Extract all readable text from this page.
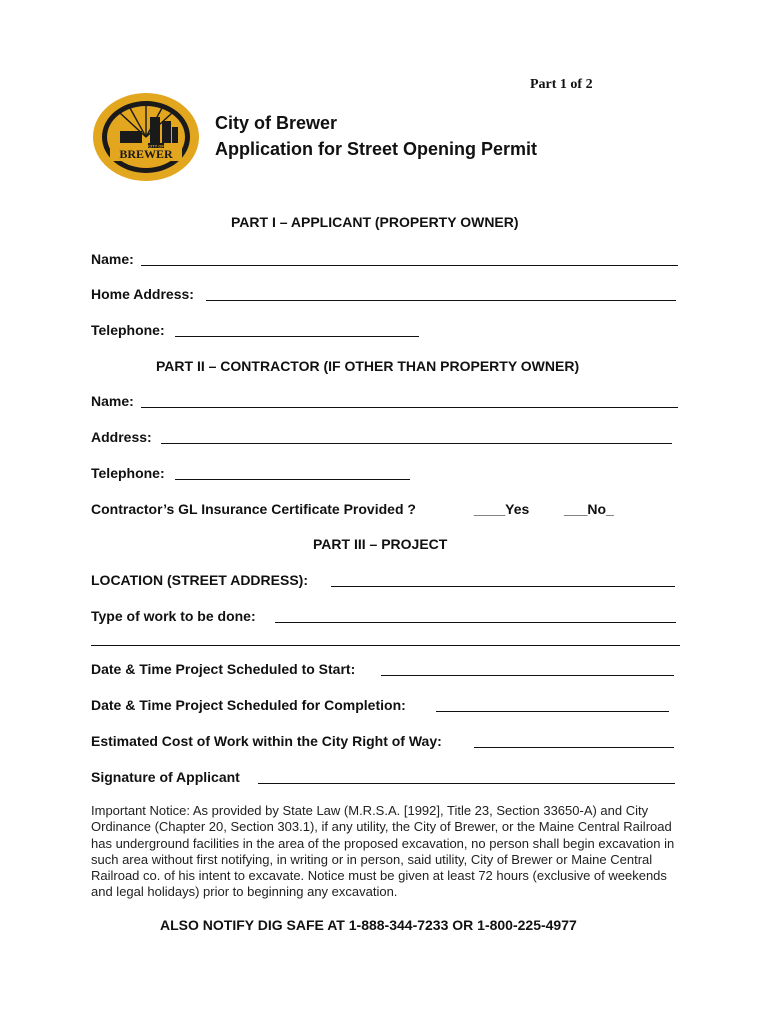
Part 1 of 2
CITY OF
BREWER
City of Brewer
Application for Street Opening Permit
PART I – APPLICANT (PROPERTY OWNER)
Name:
Home Address:
Telephone:
PART II – CONTRACTOR (IF OTHER THAN PROPERTY OWNER)
Name:
Address:
Telephone:
Contractor’s GL Insurance Certificate Provided ?	____Yes ___No_
PART III – PROJECT
LOCATION (STREET ADDRESS):
Type of work to be done:
Date & Time Project Scheduled to Start:
Date & Time Project Scheduled for Completion:
Estimated Cost of Work within the City Right of Way:
Signature of Applicant
Important Notice: As provided by State Law (M.R.S.A. [1992], Title 23, Section 33650-A) and City Ordinance (Chapter 20, Section 303.1), if any utility, the City of Brewer, or the Maine Central Railroad has underground facilities in the area of the proposed excavation, no person shall begin excavation in such area without first notifying, in writing or in person, said utility, City of Brewer or Maine Central Railroad co. of his intent to excavate. Notice must be given at least 72 hours (exclusive of weekends and legal holidays) prior to beginning any excavation.
ALSO NOTIFY DIG SAFE AT 1-888-344-7233 OR 1-800-225-4977
